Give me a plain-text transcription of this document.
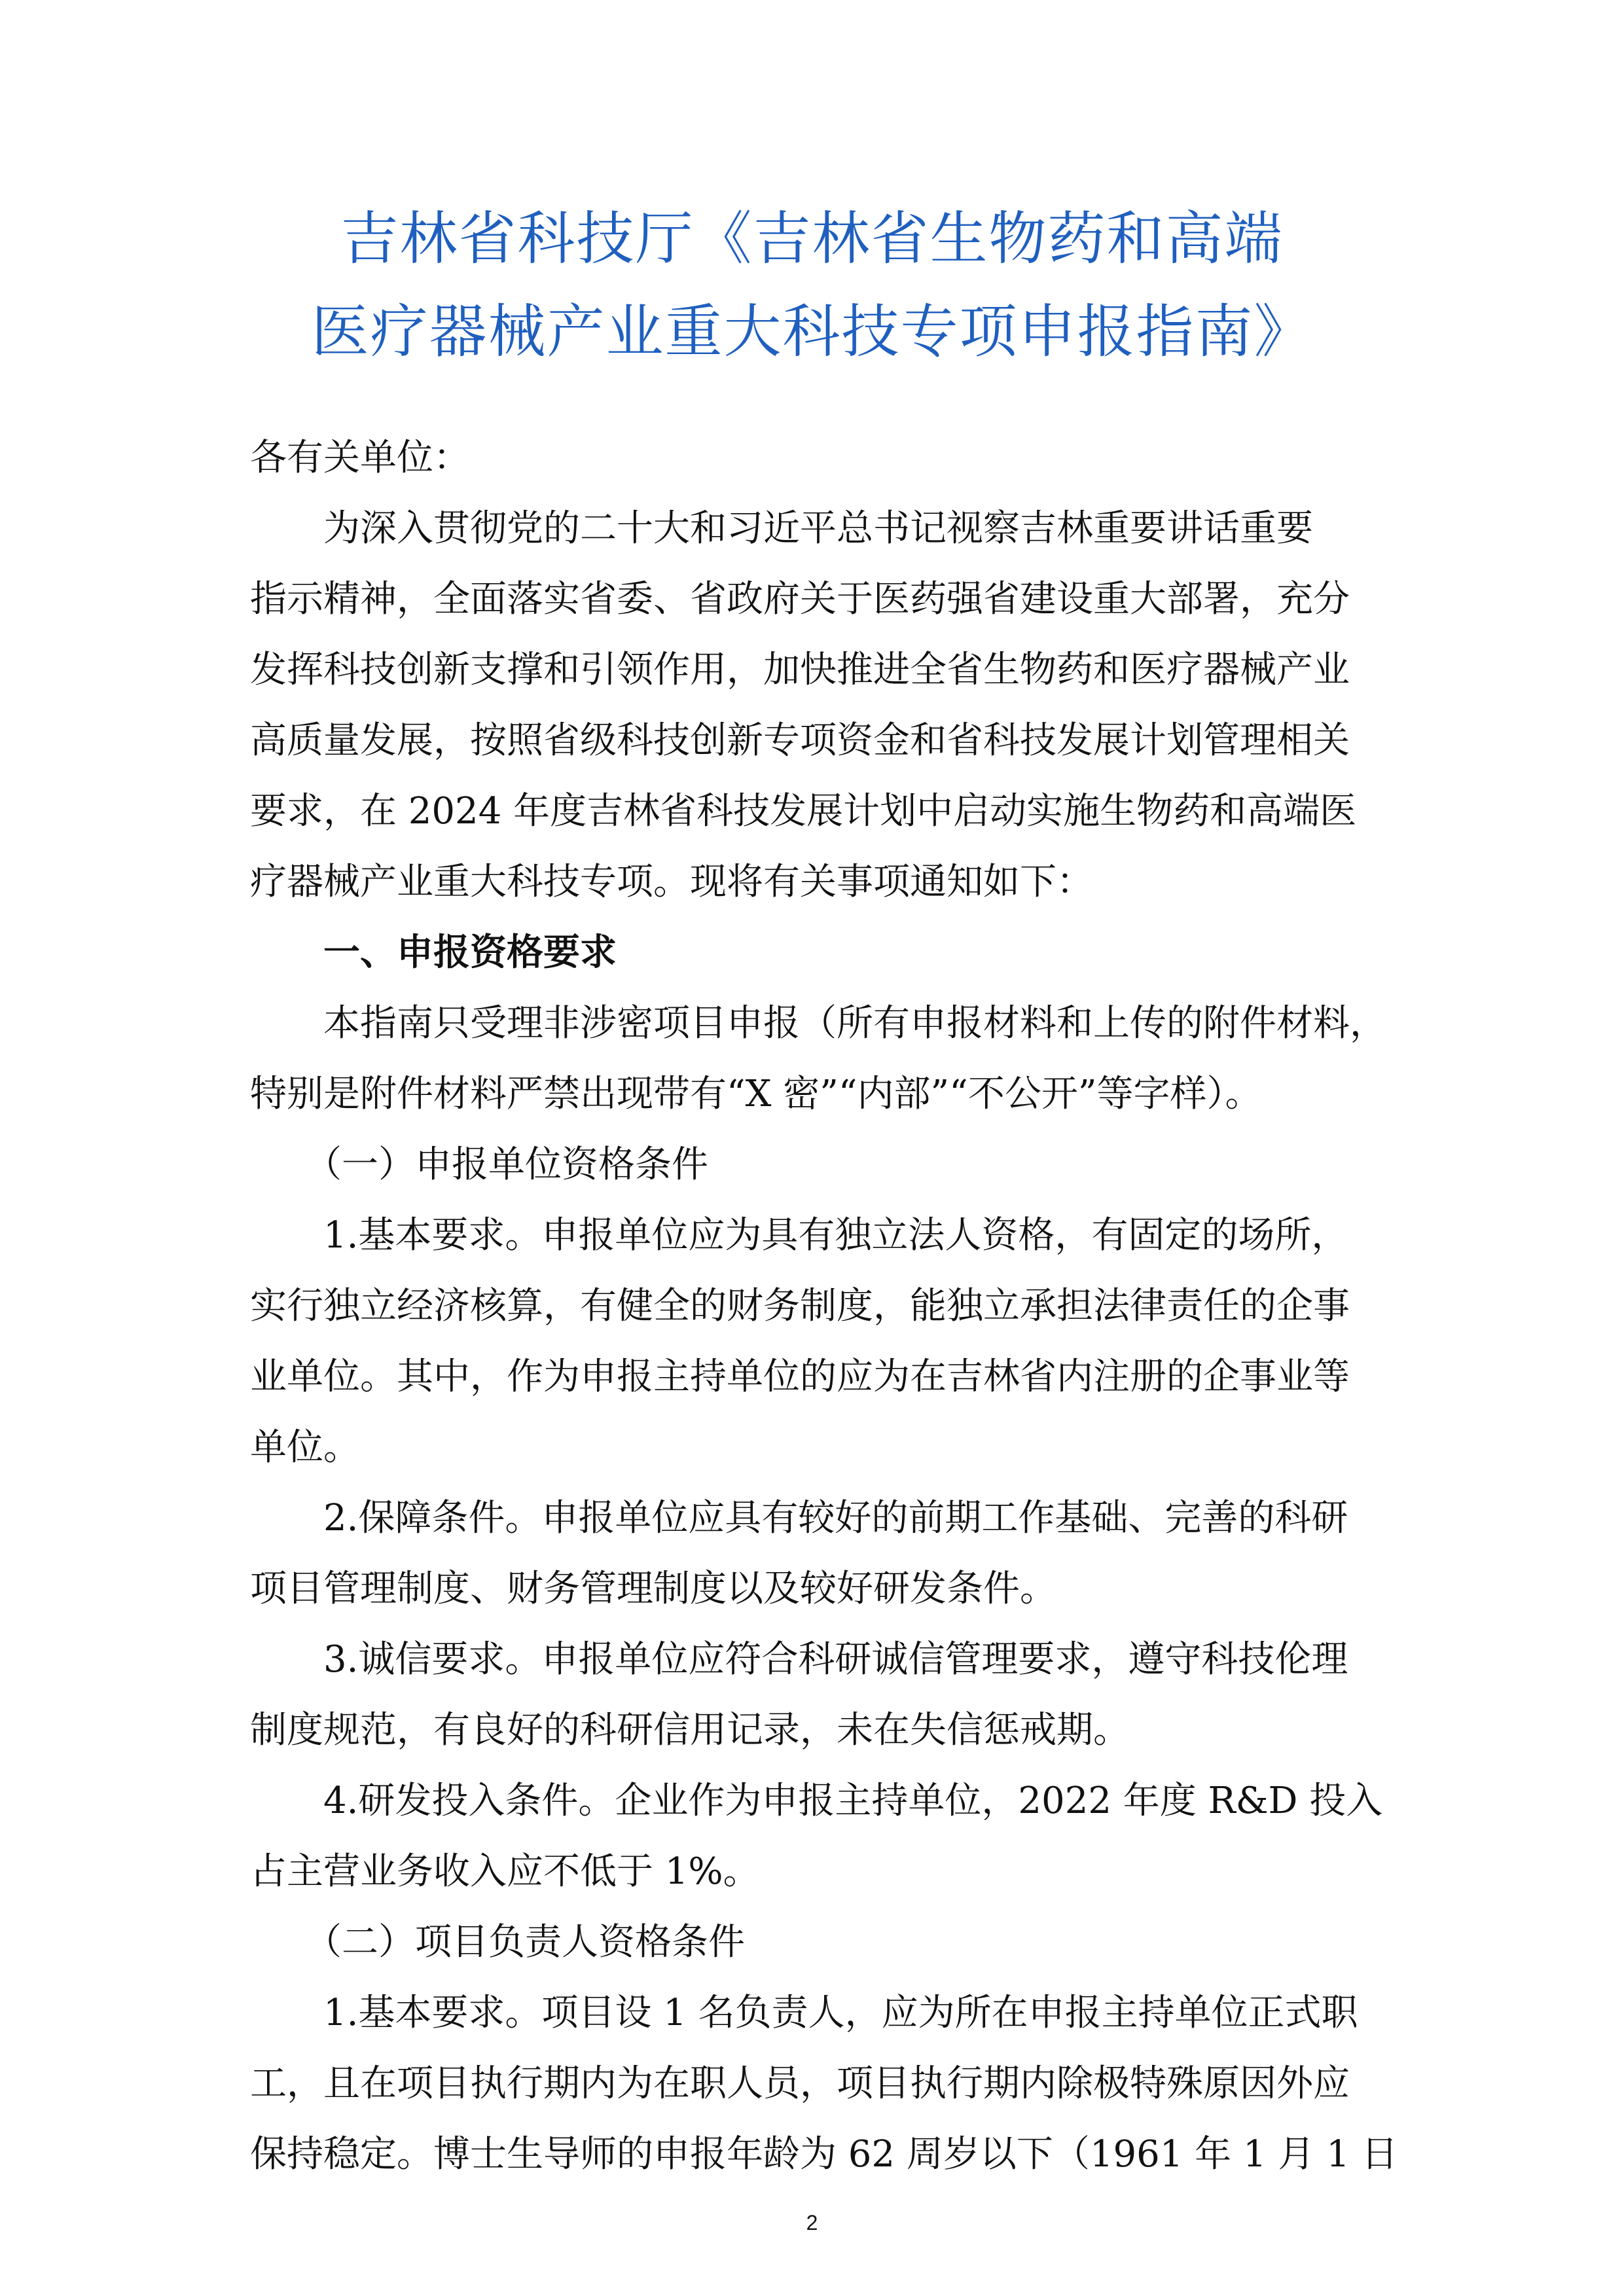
吉林省科技厅《吉林省生物药和高端
医疗器械产业重大科技专项申报指南》
各有关单位：
　　为深入贯彻党的二十大和习近平总书记视察吉林重要讲话重要
指示精神，全面落实省委、省政府关于医药强省建设重大部署，充分
发挥科技创新支撑和引领作用，加快推进全省生物药和医疗器械产业
高质量发展，按照省级科技创新专项资金和省科技发展计划管理相关
要求，在 2024 年度吉林省科技发展计划中启动实施生物药和高端医
疗器械产业重大科技专项。现将有关事项通知如下：
　　一、申报资格要求
　　本指南只受理非涉密项目申报（所有申报材料和上传的附件材料，
特别是附件材料严禁出现带有“X 密”“内部”“不公开”等字样）。
　　（一）申报单位资格条件
　　1.基本要求。申报单位应为具有独立法人资格，有固定的场所，
实行独立经济核算，有健全的财务制度，能独立承担法律责任的企事
业单位。其中，作为申报主持单位的应为在吉林省内注册的企事业等
单位。
　　2.保障条件。申报单位应具有较好的前期工作基础、完善的科研
项目管理制度、财务管理制度以及较好研发条件。
　　3.诚信要求。申报单位应符合科研诚信管理要求，遵守科技伦理
制度规范，有良好的科研信用记录，未在失信惩戒期。
　　4.研发投入条件。企业作为申报主持单位，2022 年度 R&D 投入
占主营业务收入应不低于 1%。
　　（二）项目负责人资格条件
　　1.基本要求。项目设 1 名负责人，应为所在申报主持单位正式职
工，且在项目执行期内为在职人员，项目执行期内除极特殊原因外应
保持稳定。博士生导师的申报年龄为 62 周岁以下（1961 年 1 月 1 日
2
